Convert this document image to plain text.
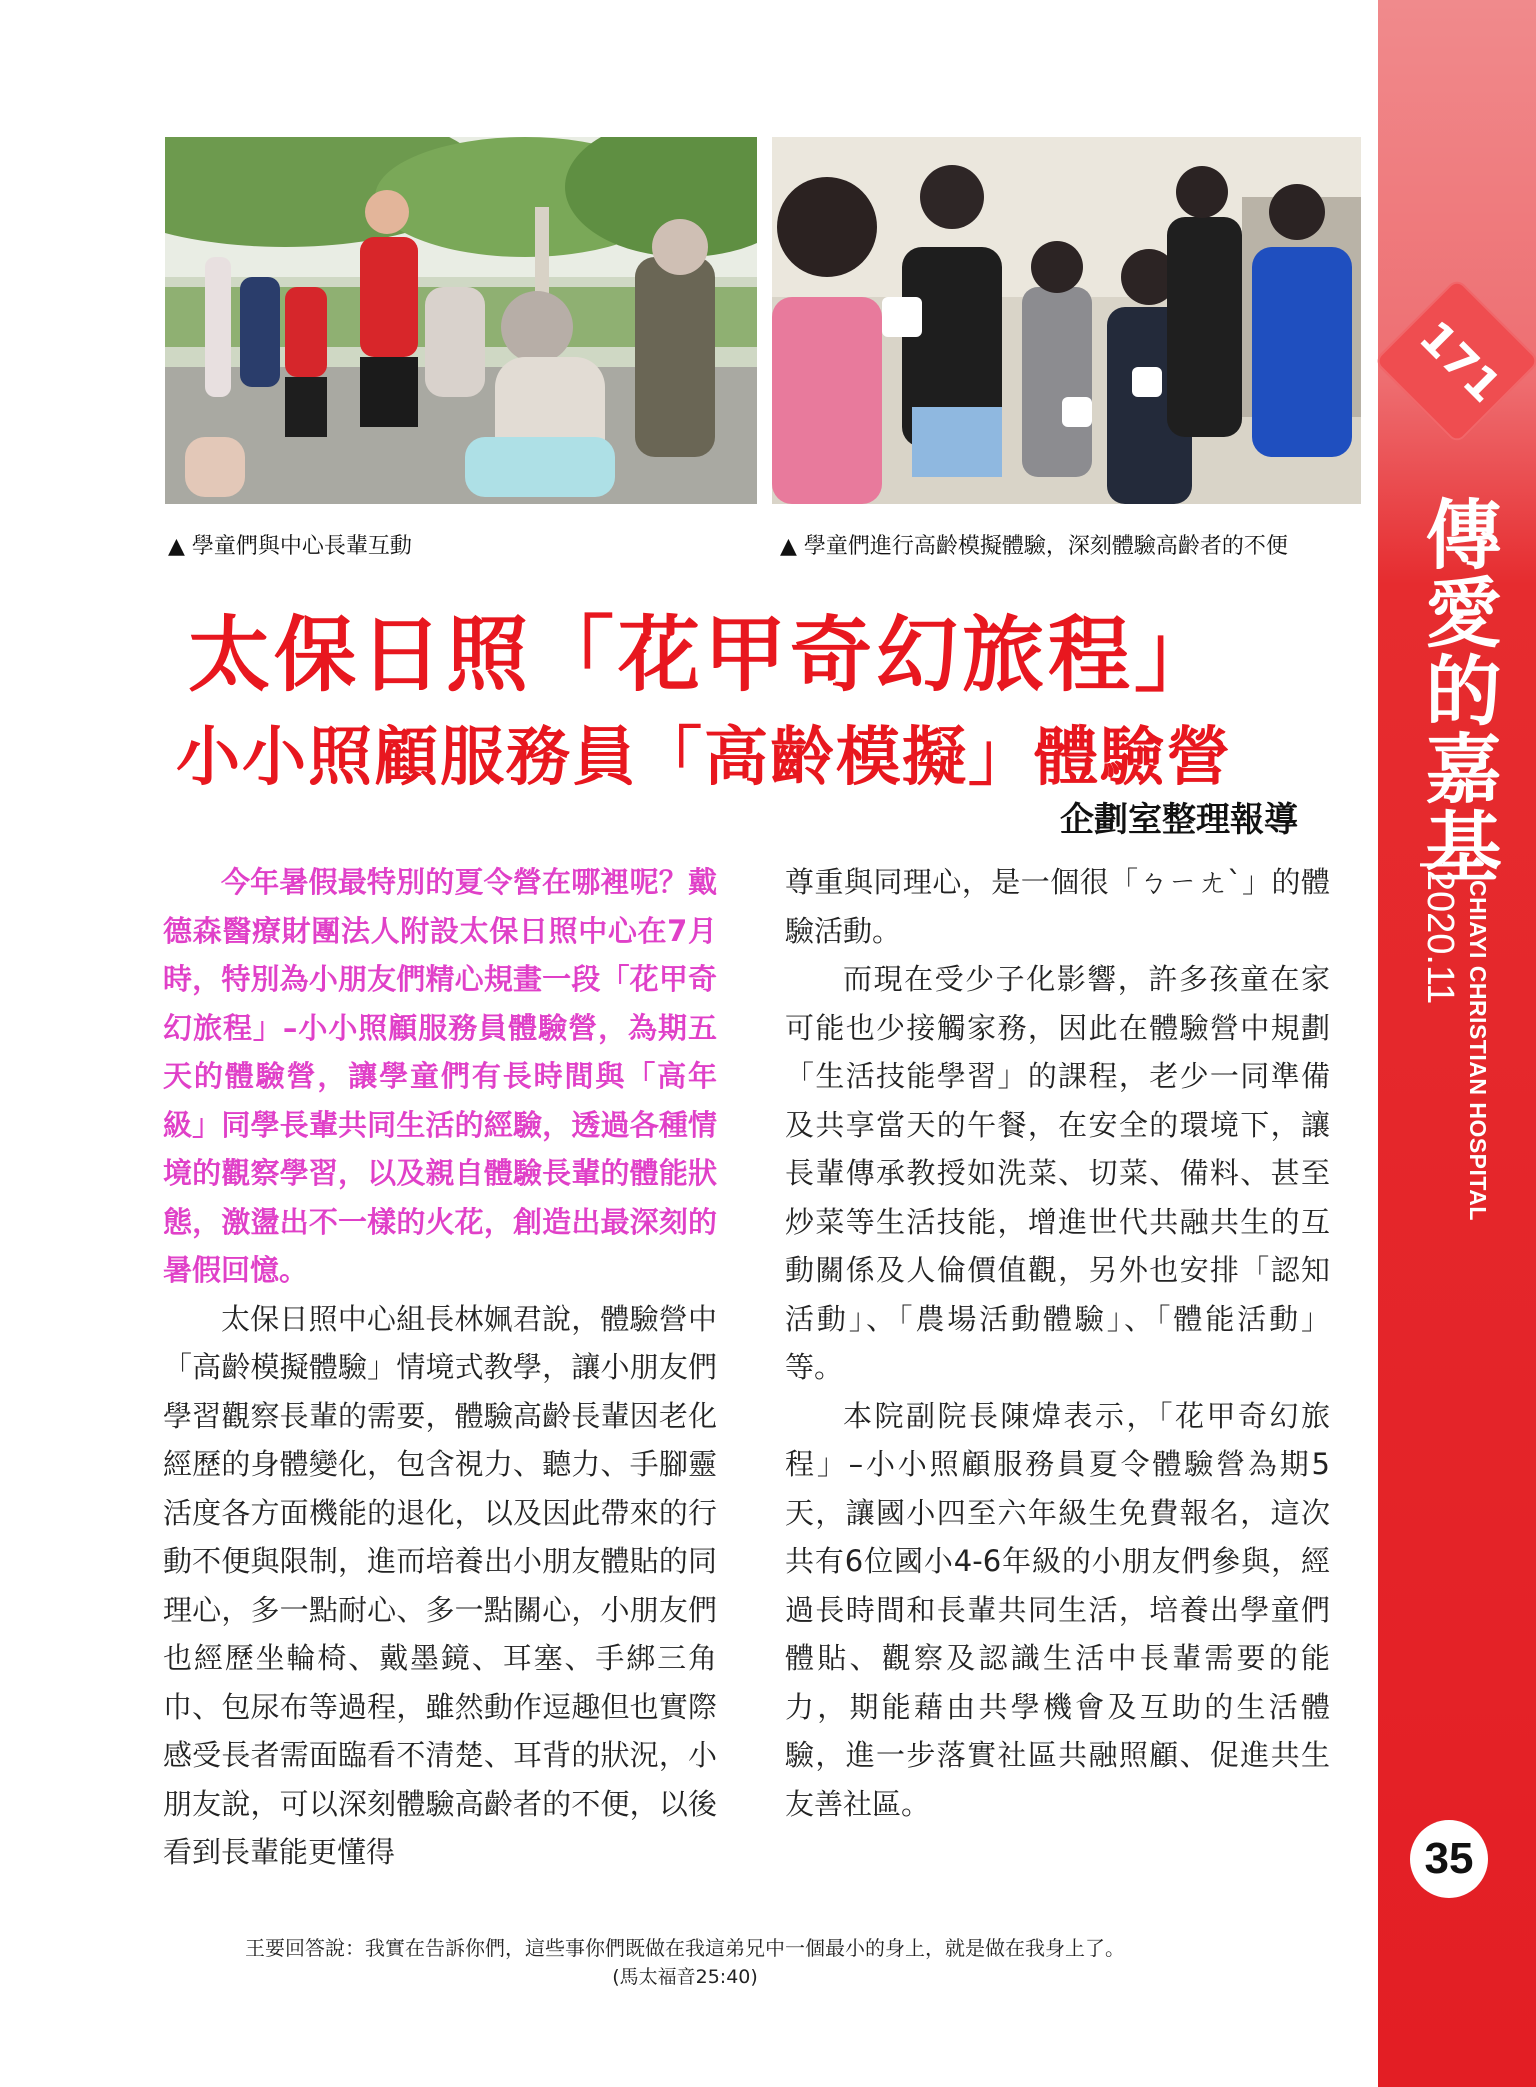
171
傳愛的嘉基
|2020.11 CHIAYI CHRISTIAN HOSPITAL
35
▲ 學童們與中心長輩互動	▲ 學童們進行高齡模擬體驗，深刻體驗高齡者的不便
太保日照「花甲奇幻旅程」
小小照顧服務員「高齡模擬」體驗營
企劃室整理報導

今年暑假最特別的夏令營在哪裡呢？戴德森醫療財團法人附設太保日照中心在7月時，特別為小朋友們精心規畫一段「花甲奇幻旅程」–小小照顧服務員體驗營，為期五天的體驗營，讓學童們有長時間與「高年級」同學長輩共同生活的經驗，透過各種情境的觀察學習，以及親自體驗長輩的體能狀態，激盪出不一樣的火花，創造出最深刻的暑假回憶。

太保日照中心組長林姵君說，體驗營中「高齡模擬體驗」情境式教學，讓小朋友們學習觀察長輩的需要，體驗高齡長輩因老化經歷的身體變化，包含視力、聽力、手腳靈活度各方面機能的退化，以及因此帶來的行動不便與限制，進而培養出小朋友體貼的同理心，多一點耐心、多一點關心，小朋友們也經歷坐輪椅、戴墨鏡、耳塞、手綁三角巾、包尿布等過程，雖然動作逗趣但也實際感受長者需面臨看不清楚、耳背的狀況，小朋友說，可以深刻體驗高齡者的不便，以後看到長輩能更懂得

尊重與同理心，是一個很「ㄅㄧㄤˋ」的體驗活動。

而現在受少子化影響，許多孩童在家可能也少接觸家務，因此在體驗營中規劃「生活技能學習」的課程，老少一同準備及共享當天的午餐，在安全的環境下，讓長輩傳承教授如洗菜、切菜、備料、甚至炒菜等生活技能，增進世代共融共生的互動關係及人倫價值觀，另外也安排「認知活動」、「農場活動體驗」、「體能活動」等。

本院副院長陳煒表示，「花甲奇幻旅程」–小小照顧服務員夏令體驗營為期5天，讓國小四至六年級生免費報名，這次共有6位國小4-6年級的小朋友們參與，經過長時間和長輩共同生活，培養出學童們體貼、觀察及認識生活中長輩需要的能力，期能藉由共學機會及互助的生活體驗，進一步落實社區共融照顧、促進共生友善社區。

王要回答說：我實在告訴你們，這些事你們既做在我這弟兄中一個最小的身上，就是做在我身上了。
(馬太福音25:40)
